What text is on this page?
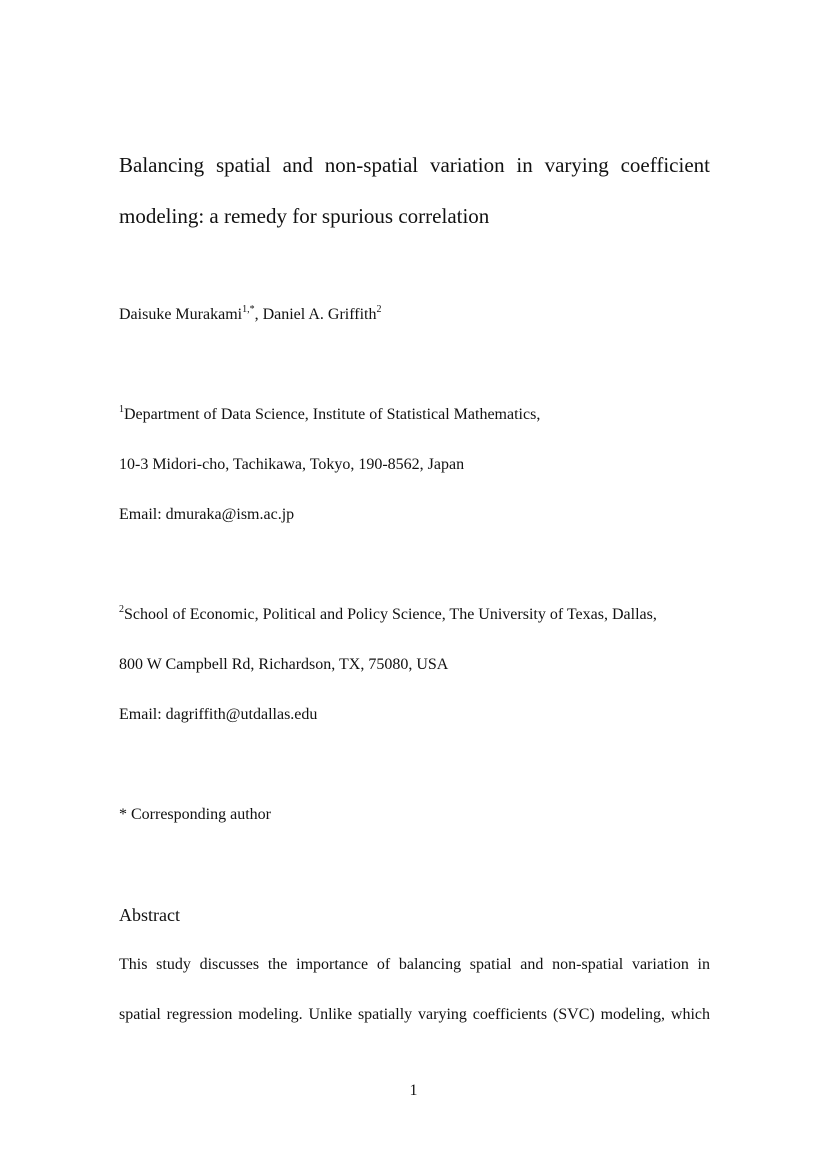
Balancing spatial and non-spatial variation in varying coefficient
modeling: a remedy for spurious correlation
Daisuke Murakami$^{1,*}$, Daniel A. Griffith$^2$
$^1$Department of Data Science, Institute of Statistical Mathematics,
10-3 Midori-cho, Tachikawa, Tokyo, 190-8562, Japan
Email: dmuraka@ism.ac.jp
$^2$School of Economic, Political and Policy Science, The University of Texas, Dallas,
800 W Campbell Rd, Richardson, TX, 75080, USA
Email: dagriffith@utdallas.edu
* Corresponding author
Abstract
This study discusses the importance of balancing spatial and non-spatial variation in
spatial regression modeling. Unlike spatially varying coefficients (SVC) modeling, which
1
